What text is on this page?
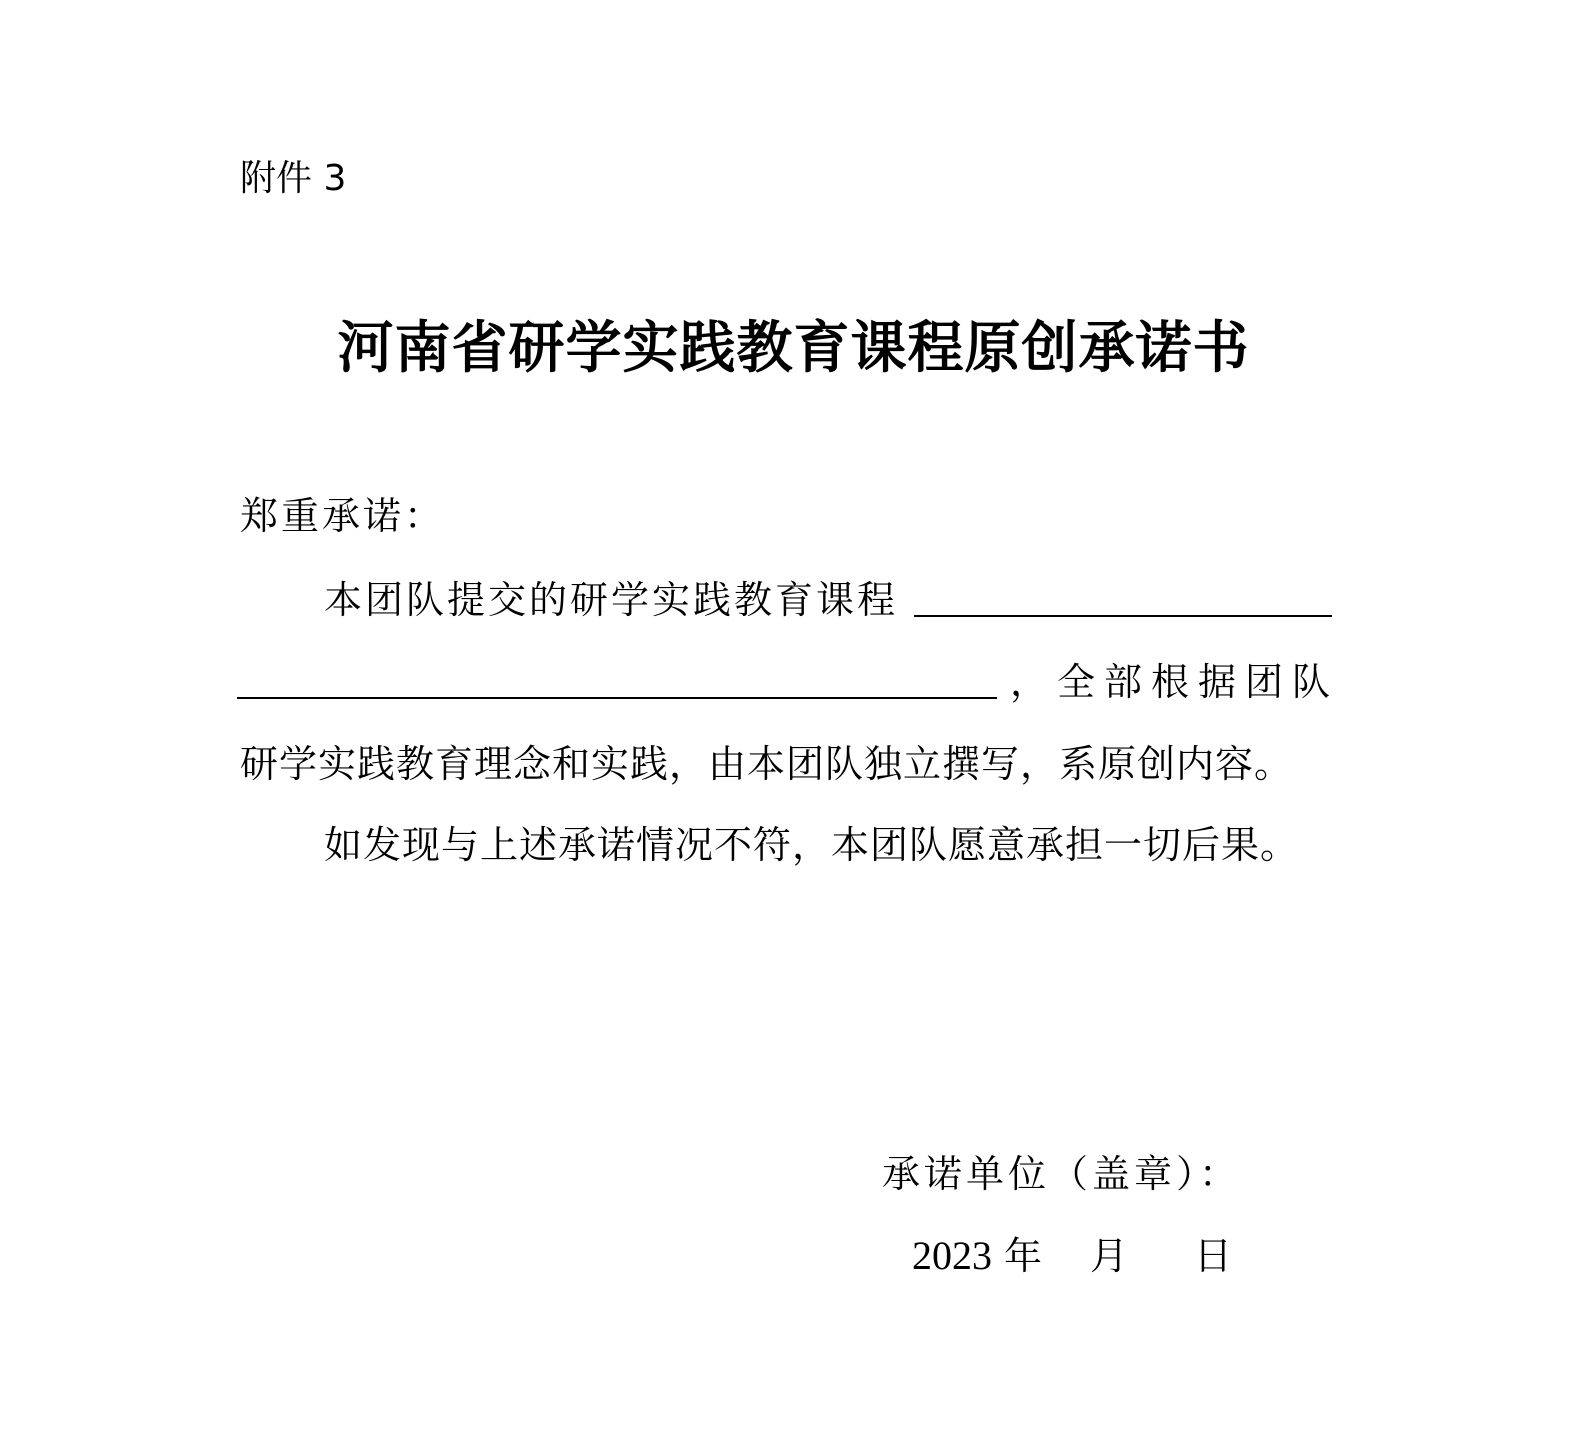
附件 3
河南省研学实践教育课程原创承诺书
郑重承诺：
本团队提交的研学实践教育课程
，全部根据团队
研学实践教育理念和实践，由本团队独立撰写，系原创内容。
如发现与上述承诺情况不符，本团队愿意承担一切后果。
承诺单位（盖章）：
2023 年 月 日
